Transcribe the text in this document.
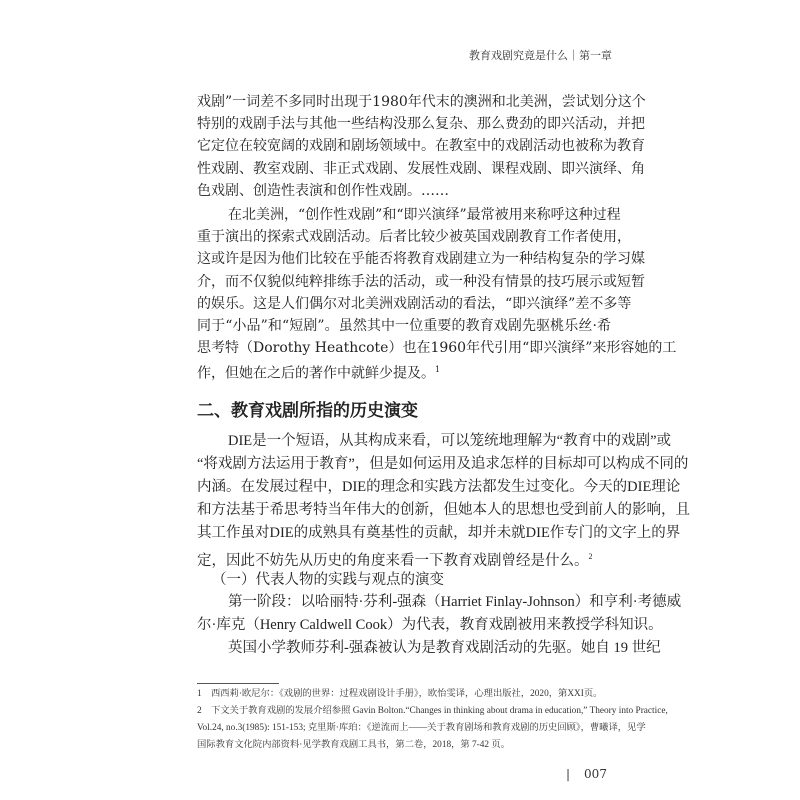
教育戏剧究竟是什么｜第一章
戏剧”一词差不多同时出现于1980年代末的澳洲和北美洲，尝试划分这个
特别的戏剧手法与其他一些结构没那么复杂、那么费劲的即兴活动，并把
它定位在较宽阔的戏剧和剧场领域中。在教室中的戏剧活动也被称为教育
性戏剧、教室戏剧、非正式戏剧、发展性戏剧、课程戏剧、即兴演绎、角
色戏剧、创造性表演和创作性戏剧。……
在北美洲，“创作性戏剧”和“即兴演绎”最常被用来称呼这种过程
重于演出的探索式戏剧活动。后者比较少被英国戏剧教育工作者使用，
这或许是因为他们比较在乎能否将教育戏剧建立为一种结构复杂的学习媒
介，而不仅貌似纯粹排练手法的活动，或一种没有情景的技巧展示或短暂
的娱乐。这是人们偶尔对北美洲戏剧活动的看法，“即兴演绎”差不多等
同于“小品”和“短剧”。虽然其中一位重要的教育戏剧先驱桃乐丝·希
思考特（Dorothy Heathcote）也在1960年代引用“即兴演绎”来形容她的工
作，但她在之后的著作中就鲜少提及。$^1$
二、教育戏剧所指的历史演变
DIE是一个短语，从其构成来看，可以笼统地理解为“教育中的戏剧”或
“将戏剧方法运用于教育”，但是如何运用及追求怎样的目标却可以构成不同的
内涵。在发展过程中，DIE的理念和实践方法都发生过变化。今天的DIE理论
和方法基于希思考特当年伟大的创新，但她本人的思想也受到前人的影响，且
其工作虽对DIE的成熟具有奠基性的贡献，却并未就DIE作专门的文字上的界
定，因此不妨先从历史的角度来看一下教育戏剧曾经是什么。$^2$
（一）代表人物的实践与观点的演变
第一阶段：以哈丽特·芬利-强森（Harriet Finlay-Johnson）和亨利·考德威
尔·库克（Henry Caldwell Cook）为代表，教育戏剧被用来教授学科知识。
英国小学教师芬利-强森被认为是教育戏剧活动的先驱。她自 19 世纪
1　西西莉·欧尼尔：《戏剧的世界：过程戏剧设计手册》，欧怡雯译，心理出版社，2020，第XXI页。
2　下文关于教育戏剧的发展介绍参照 Gavin Bolton.“Changes in thinking about drama in education,” Theory into Practice,
Vol.24, no.3(1985): 151-153; 克里斯·库珀：《逆流而上——关于教育剧场和教育戏剧的历史回顾》，曹曦译，见学
国际教育文化院内部资料·见学教育戏剧工具书，第二卷，2018，第 7-42 页。
| 007
